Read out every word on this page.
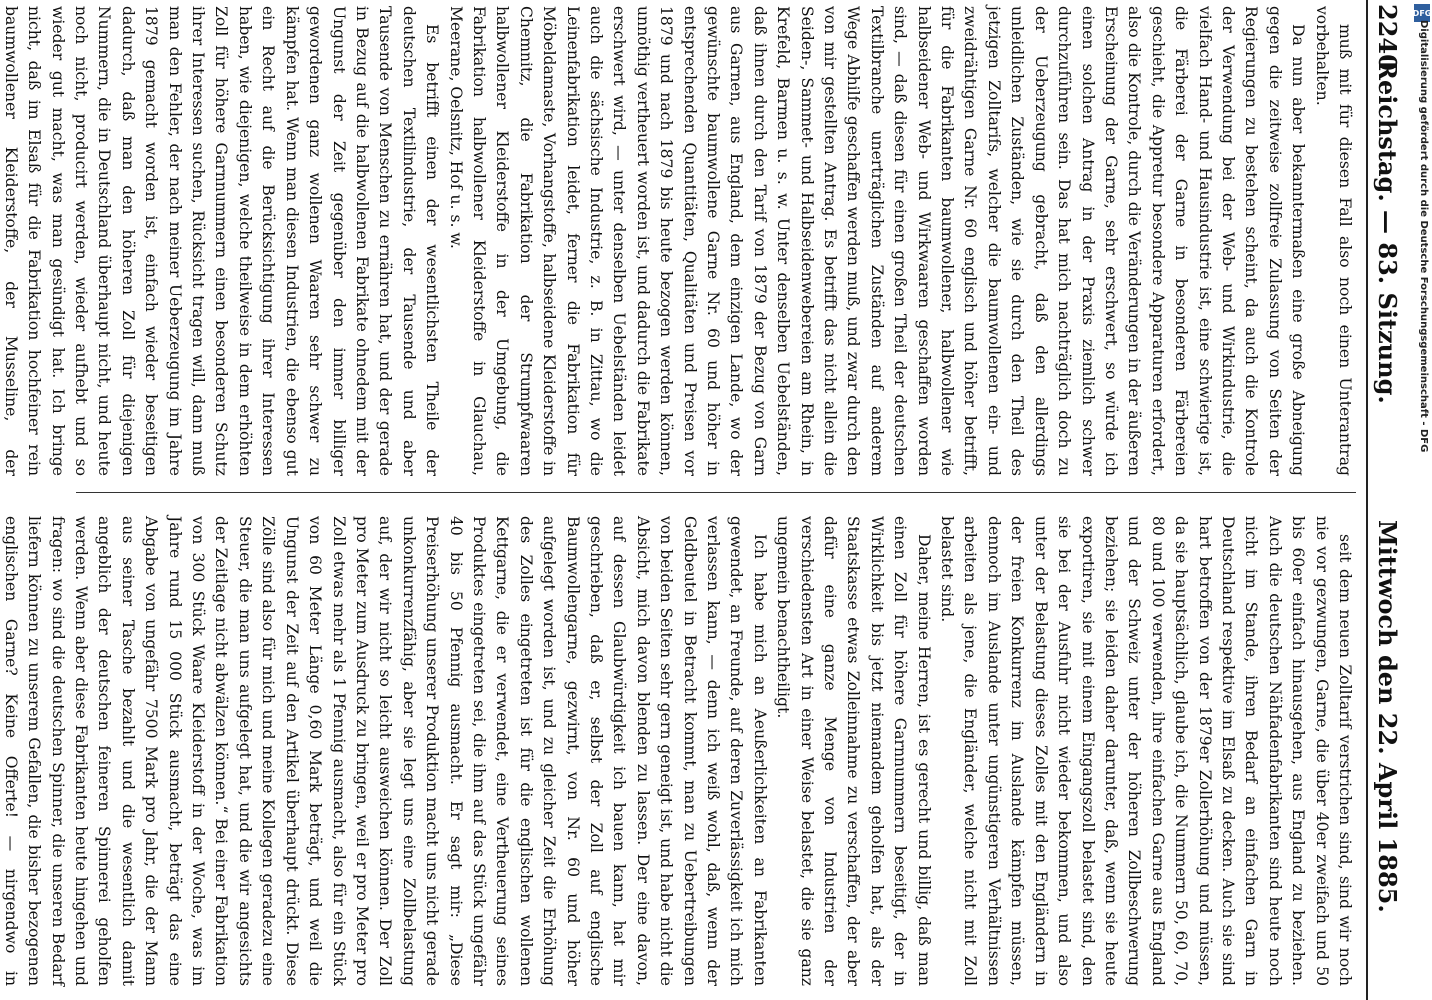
2240
Reichstag. — 83. Sitzung.
Mittwoch den 22. April 1885.

muß mit für diesen Fall also noch einen Unterantrag vorbehalten.

Da nun aber bekanntermaßen eine große Abneigung gegen die zeitweise zollfreie Zulassung von Seiten der Regierungen zu bestehen scheint, da auch die Kontrole der Verwendung bei der Web- und Wirkindustrie, die vielfach Hand- und Hausindustrie ist, eine schwierige ist, die Färberei der Garne in besonderen Färbereien geschieht, die Appretur besondere Apparaturen erfordert, also die Kontrole, durch die Veränderungen in der äußeren Erscheinung der Garne, sehr erschwert, so würde ich einen solchen Antrag in der Praxis ziemlich schwer durchzuführen sein. Das hat mich nachträglich doch zu der Ueberzeugung gebracht, daß den allerdings unleidlichen Zuständen, wie sie durch den Theil des jetzigen Zolltarifs, welcher die baumwollenen ein- und zweidrähtigen Garne Nr. 60 englisch und höher betrifft, für die Fabrikanten baumwollener, halbwollener wie halbseidener Web- und Wirkwaaren geschaffen worden sind, — daß diesen für einen großen Theil der deutschen Textilbranche unerträglichen Zuständen auf anderem Wege Abhilfe geschaffen werden muß, und zwar durch den von mir gestellten Antrag. Es betrifft das nicht allein die Seiden-, Sammet- und Halbseidenwebereien am Rhein, in Krefeld, Barmen u. s. w. Unter denselben Uebelständen, daß ihnen durch den Tarif von 1879 der Bezug von Garn aus Garnen, aus England, dem einzigen Lande, wo der gewünschte baumwollene Garne Nr. 60 und höher in entsprechenden Quantitäten, Qualitäten und Preisen vor 1879 und nach 1879 bis heute bezogen werden können, unnöthig vertheuert worden ist, und dadurch die Fabrikate erschwert wird, — unter denselben Uebelständen leidet auch die sächsische Industrie, z. B. in Zittau, wo die Leinenfabrikation leidet, ferner die Fabrikation für Möbeldamaste, Vorhangstoffe, halbseidene Kleiderstoffe in Chemnitz, die Fabrikation der Strumpfwaaren halbwollener Kleiderstoffe in der Umgebung, die Fabrikation halbwollener Kleiderstoffe in Glauchau, Meerane, Oelsnitz, Hof u. s. w.

Es betrifft einen der wesentlichsten Theile der deutschen Textilindustrie, der Tausende und aber Tausende von Menschen zu ernähren hat, und der gerade in Bezug auf die halbwollenen Fabrikate ohnedem mit der Ungunst der Zeit gegenüber den immer billiger gewordenen ganz wollenen Waaren sehr schwer zu kämpfen hat. Wenn man diesen Industrien, die ebenso gut ein Recht auf die Berücksichtigung ihrer Interessen haben, wie diejenigen, welche theilweise in dem erhöhten Zoll für höhere Garnnummern einen besonderen Schutz ihrer Interessen suchen, Rücksicht tragen will, dann muß man den Fehler, der nach meiner Ueberzeugung im Jahre 1879 gemacht worden ist, einfach wieder beseitigen dadurch, daß man den höheren Zoll für diejenigen Nummern, die in Deutschland überhaupt nicht, und heute noch nicht, producirt werden, wieder aufhebt und so wieder gut macht, was man gesündigt hat. Ich bringe nicht, daß im Elsaß für die Fabrikation hochfeiner rein baumwollener Kleiderstoffe, der Musseline, der

seit dem neuen Zolltarif verstrichen sind, sind wir noch nie vor gezwungen, Garne, die über 40er zweifach und 50 bis 60er einfach hinausgehen, aus England zu beziehen. Auch die deutschen Nähfadenfabrikanten sind heute noch nicht im Stande, ihren Bedarf an einfachen Garn in Deutschland respektive im Elsaß zu decken. Auch sie sind hart betroffen von der 1879er Zollerhöhung und müssen, da sie hauptsächlich, glaube ich, die Nummern 50, 60, 70, 80 und 100 verwenden, ihre einfachen Garne aus England und der Schweiz unter der höheren Zollbeschwerung beziehen; sie leiden daher darunter, daß, wenn sie heute exportiren, sie mit einem Eingangszoll belastet sind, den sie bei der Ausfuhr nicht wieder bekommen, und also unter der Belastung dieses Zolles mit den Engländern in der freien Konkurrenz im Auslande kämpfen müssen, dennoch im Auslande unter ungünstigeren Verhältnissen arbeiten als jene, die Engländer, welche nicht mit Zoll belastet sind.

Daher, meine Herren, ist es gerecht und billig, daß man einen Zoll für höhere Garnnummern beseitigt, der in Wirklichkeit bis jetzt niemandem geholfen hat, als der Staatskasse etwas Zolleinnahme zu verschaffen, der aber dafür eine ganze Menge von Industrien der verschiedensten Art in einer Weise belastet, die sie ganz ungemein benachtheiligt.

Ich habe mich an Aeußerlichkeiten an Fabrikanten gewendet, an Freunde, auf deren Zuverlässigkeit ich mich verlassen kann, — denn ich weiß wohl, daß, wenn der Geldbeutel in Betracht kommt, man zu Uebertreibungen von beiden Seiten sehr gern geneigt ist, und habe nicht die Absicht, mich davon blenden zu lassen. Der eine davon, auf dessen Glaubwürdigkeit ich bauen kann, hat mir geschrieben, daß er, selbst der Zoll auf englische Baumwollengarne, gezwirnt, von Nr. 60 und höher aufgelegt worden ist, und zu gleicher Zeit die Erhöhung des Zolles eingetreten ist für die englischen wollenen Kettgarne, die er verwendet, eine Vertheuerung seines Produktes eingetreten sei, die ihm auf das Stück ungefähr 40 bis 50 Pfennig ausmacht. Er sagt mir: „Diese Preiserhöhung unserer Produktion macht uns nicht gerade unkonkurrenzfähig, aber sie legt uns eine Zollbelastung auf, der wir nicht so leicht ausweichen können. Der Zoll pro Meter zum Ausdruck zu bringen, weil er pro Meter pro Zoll etwas mehr als 1 Pfennig ausmacht, also für ein Stück von 60 Meter Länge 0,60 Mark beträgt, und weil die Ungunst der Zeit auf den Artikel überhaupt drückt. Diese Zölle sind also für mich und meine Kollegen geradezu eine Steuer, die man uns aufgelegt hat, und die wir angesichts der Zeitlage nicht abwälzen können.“ Bei einer Fabrikation von 300 Stück Waare Kleiderstoff in der Woche, was im Jahre rund 15 000 Stück ausmacht, beträgt das eine Abgabe von ungefähr 7500 Mark pro Jahr, die der Mann aus seiner Tasche bezahlt und die wesentlich damit angeblich der deutschen feineren Spinnerei geholfen werden. Wenn aber diese Fabrikanten heute hingehen und fragen: wo sind die deutschen Spinner, die unseren Bedarf liefern können zu unserem Gefallen, die bisher bezogenen englischen Garne? Keine Offerte! — nirgendwo in

DFG
Digitalisierung gefördert durch die Deutsche Forschungsgemeinschaft - DFG
